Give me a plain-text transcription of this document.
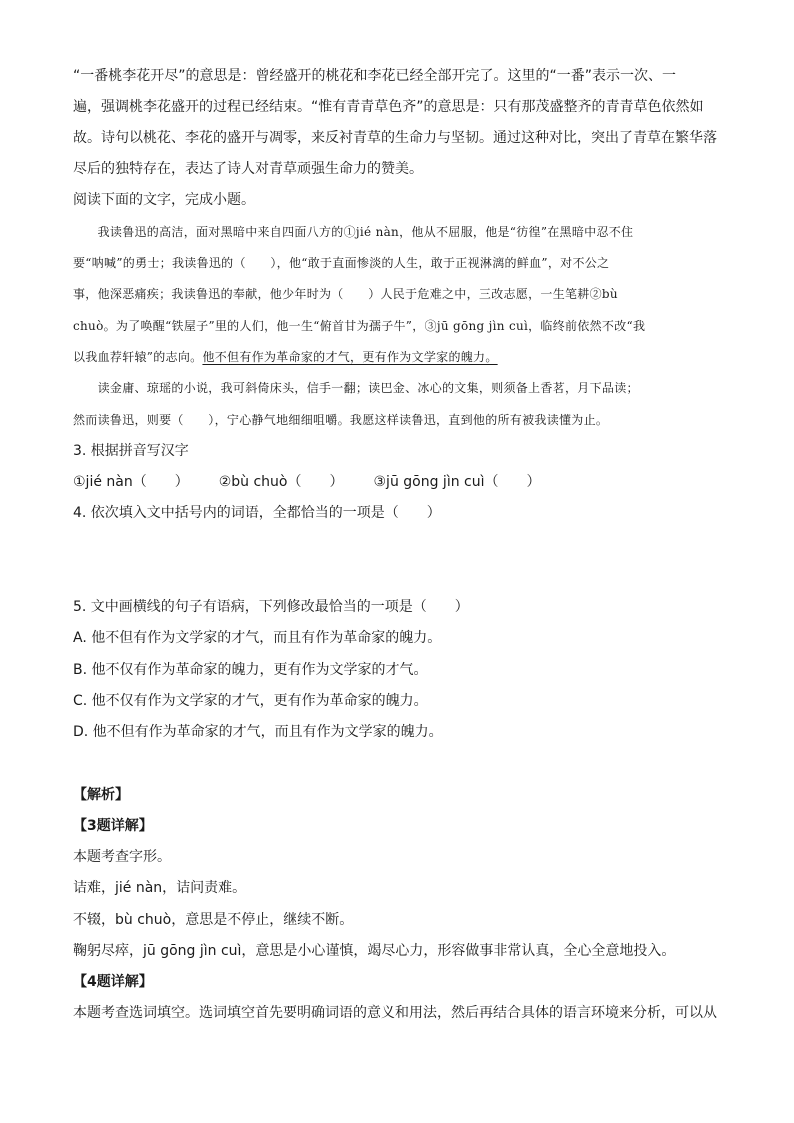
“一番桃李花开尽”的意思是：曾经盛开的桃花和李花已经全部开完了。这里的“一番”表示一次、一
遍，强调桃李花盛开的过程已经结束。“惟有青青草色齐”的意思是：只有那茂盛整齐的青青草色依然如
故。诗句以桃花、李花的盛开与凋零，来反衬青草的生命力与坚韧。通过这种对比，突出了青草在繁华落
尽后的独特存在，表达了诗人对青草顽强生命力的赞美。
阅读下面的文字，完成小题。
　　我读鲁迅的高洁，面对黑暗中来自四面八方的①jié nàn，他从不屈服，他是“彷徨”在黑暗中忍不住
要“呐喊”的勇士；我读鲁迅的（　　），他“敢于直面惨淡的人生，敢于正视淋漓的鲜血”，对不公之
事，他深恶痛疾；我读鲁迅的奉献，他少年时为（　　）人民于危难之中，三改志愿，一生笔耕②bù
chuò。为了唤醒“铁屋子”里的人们，他一生“俯首甘为孺子牛”，③jū gōng jìn cuì，临终前依然不改“我
以我血荐轩辕”的志向。他不但有作为革命家的才气，更有作为文学家的魄力。
　　读金庸、琼瑶的小说，我可斜倚床头，信手一翻；读巴金、冰心的文集，则须备上香茗，月下品读；
然而读鲁迅，则要（　　），宁心静气地细细咀嚼。我愿这样读鲁迅，直到他的所有被我读懂为止。
3. 根据拼音写汉字
①jié nàn（　　） ②bù chuò（　　） ③jū gōng jìn cuì（　　）
4. 依次填入文中括号内的词语，全都恰当的一项是（　　）
5. 文中画横线的句子有语病，下列修改最恰当的一项是（　　）
A. 他不但有作为文学家的才气，而且有作为革命家的魄力。
B. 他不仅有作为革命家的魄力，更有作为文学家的才气。
C. 他不仅有作为文学家的才气，更有作为革命家的魄力。
D. 他不但有作为革命家的才气，而且有作为文学家的魄力。
【解析】
【3题详解】
本题考查字形。
诘难，jié nàn，诘问责难。
不辍，bù chuò，意思是不停止，继续不断。
鞠躬尽瘁，jū gōng jìn cuì，意思是小心谨慎，竭尽心力，形容做事非常认真，全心全意地投入。
【4题详解】
本题考查选词填空。选词填空首先要明确词语的意义和用法，然后再结合具体的语言环境来分析，可以从
